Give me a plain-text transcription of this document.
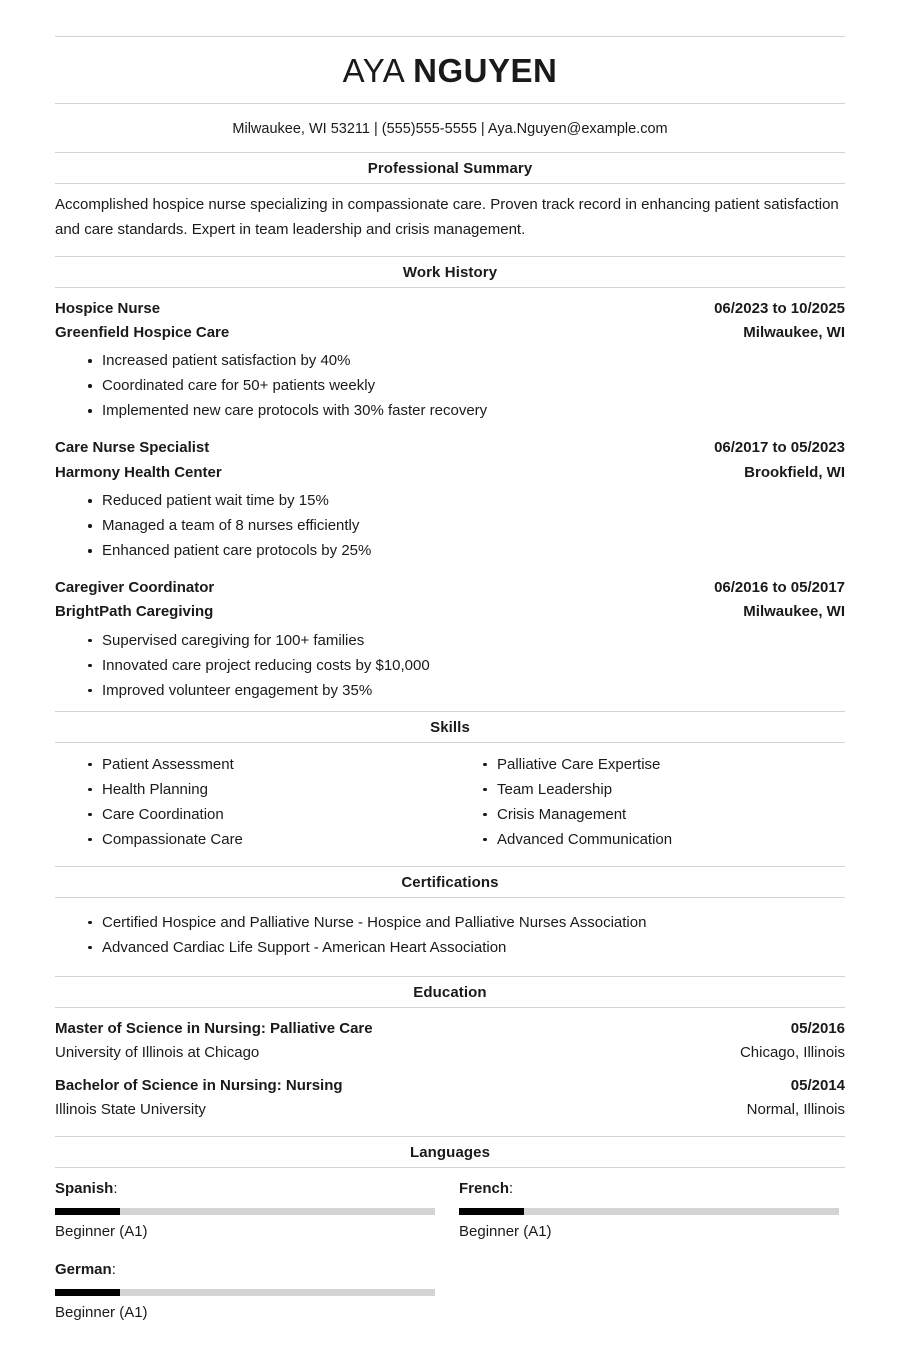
AYA NGUYEN
Milwaukee, WI 53211 | (555)555-5555 | Aya.Nguyen@example.com
Professional Summary
Accomplished hospice nurse specializing in compassionate care. Proven track record in enhancing patient satisfaction and care standards. Expert in team leadership and crisis management.
Work History
Hospice Nurse	06/2023 to 10/2025
Greenfield Hospice Care	Milwaukee, WI
Increased patient satisfaction by 40%
Coordinated care for 50+ patients weekly
Implemented new care protocols with 30% faster recovery
Care Nurse Specialist	06/2017 to 05/2023
Harmony Health Center	Brookfield, WI
Reduced patient wait time by 15%
Managed a team of 8 nurses efficiently
Enhanced patient care protocols by 25%
Caregiver Coordinator	06/2016 to 05/2017
BrightPath Caregiving	Milwaukee, WI
Supervised caregiving for 100+ families
Innovated care project reducing costs by $10,000
Improved volunteer engagement by 35%
Skills
Patient Assessment
Health Planning
Care Coordination
Compassionate Care
Palliative Care Expertise
Team Leadership
Crisis Management
Advanced Communication
Certifications
Certified Hospice and Palliative Nurse - Hospice and Palliative Nurses Association
Advanced Cardiac Life Support - American Heart Association
Education
Master of Science in Nursing: Palliative Care	05/2016
University of Illinois at Chicago	Chicago, Illinois
Bachelor of Science in Nursing: Nursing	05/2014
Illinois State University	Normal, Illinois
Languages
Spanish:
Beginner (A1)
French:
Beginner (A1)
German:
Beginner (A1)
